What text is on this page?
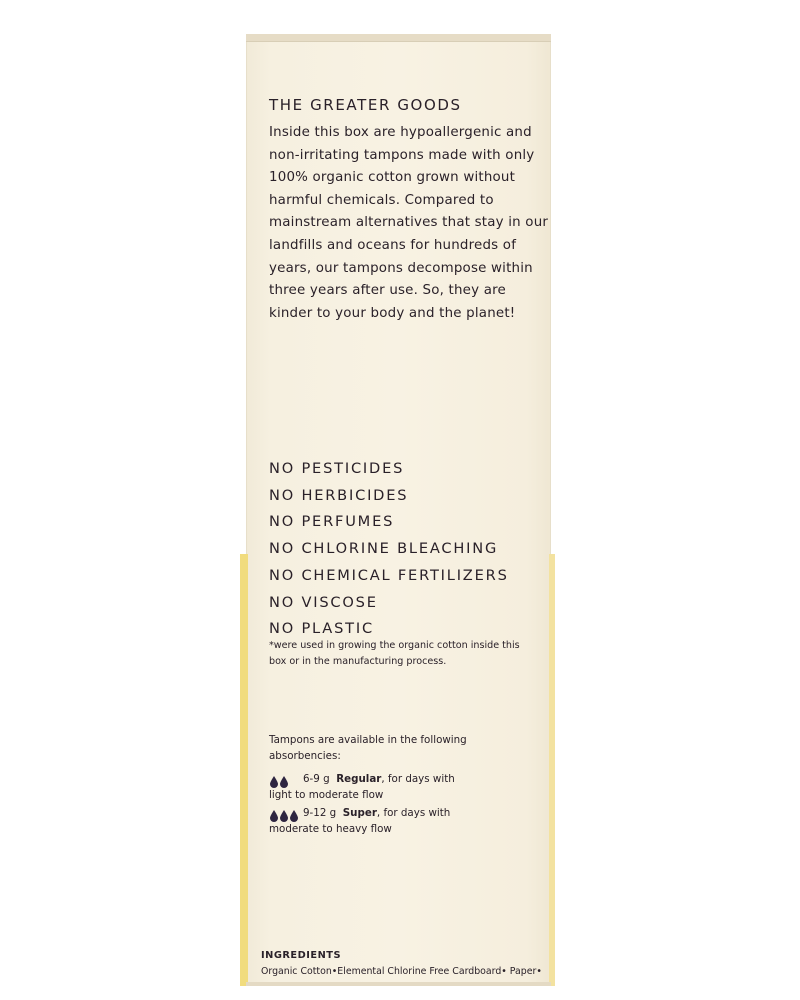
THE GREATER GOODS

Inside this box are hypoallergenic and non-irritating tampons made with only 100% organic cotton grown without harmful chemicals. Compared to mainstream alternatives that stay in our landfills and oceans for hundreds of years, our tampons decompose within three years after use. So, they are kinder to your body and the planet!

NO PESTICIDES
NO HERBICIDES
NO PERFUMES
NO CHLORINE BLEACHING
NO CHEMICAL FERTILIZERS
NO VISCOSE
NO PLASTIC

*were used in growing the organic cotton inside this box or in the manufacturing process.

Tampons are available in the following absorbencies:

6-9 g Regular, for days with
light to moderate flow
9-12 g Super, for days with
moderate to heavy flow
INGREDIENTS
Organic Cotton•Elemental Chlorine Free Cardboard• Paper•
